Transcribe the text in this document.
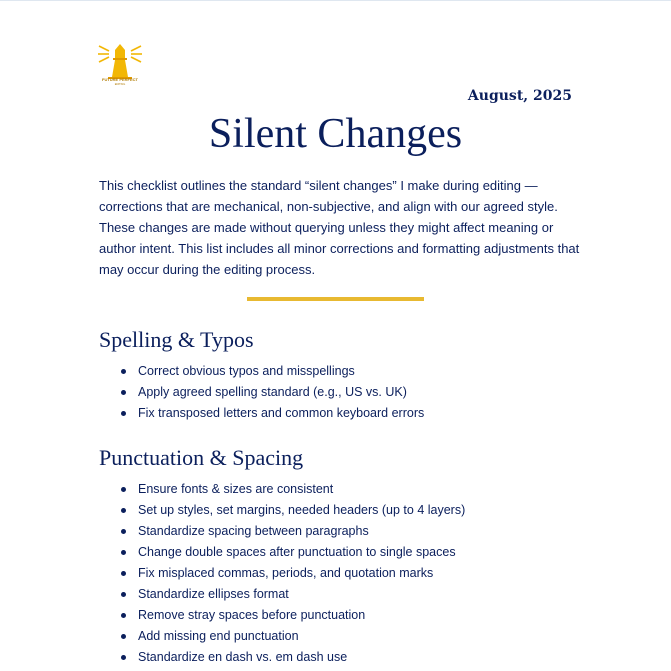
FUTURE PERFECT
EDITING
August, 2025
Silent Changes

This checklist outlines the standard “silent changes” I make during editing — corrections that are mechanical, non-subjective, and align with our agreed style. These changes are made without querying unless they might affect meaning or author intent. This list includes all minor corrections and formatting adjustments that may occur during the editing process.

Spelling & Typos
Correct obvious typos and misspellings
Apply agreed spelling standard (e.g., US vs. UK)
Fix transposed letters and common keyboard errors
Punctuation & Spacing
Ensure fonts & sizes are consistent
Set up styles, set margins, needed headers (up to 4 layers)
Standardize spacing between paragraphs
Change double spaces after punctuation to single spaces
Fix misplaced commas, periods, and quotation marks
Standardize ellipses format
Remove stray spaces before punctuation
Add missing end punctuation
Standardize en dash vs. em dash use
